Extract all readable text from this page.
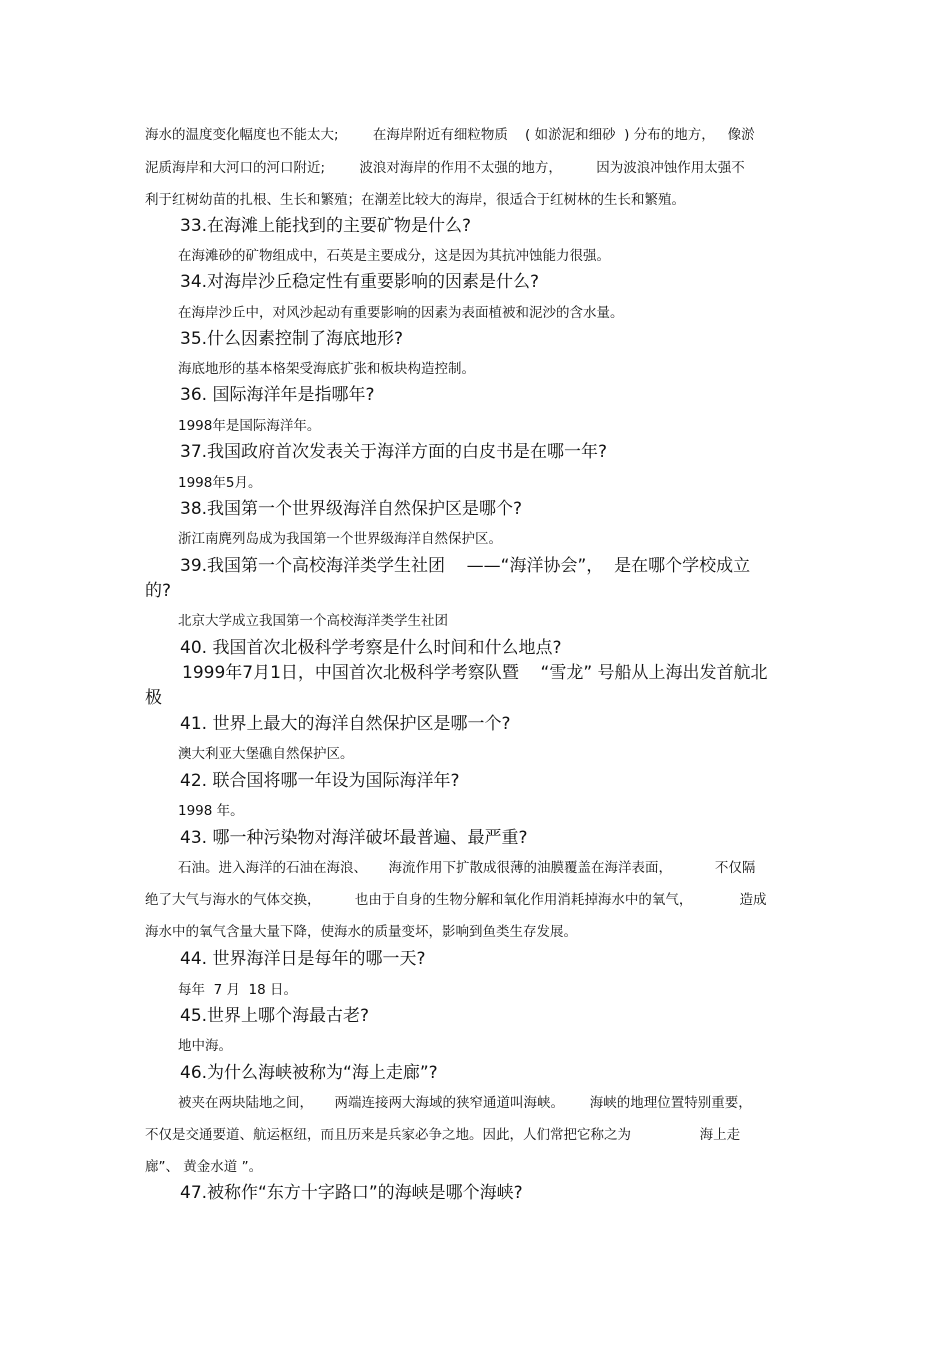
海水的温度变化幅度也不能太大;        在海岸附近有细粒物质    ( 如淤泥和细砂  ) 分布的地方，   像淤
泥质海岸和大河口的河口附近;        波浪对海岸的作用不太强的地方，        因为波浪冲蚀作用太强不
利于红树幼苗的扎根、生长和繁殖；在潮差比较大的海岸，很适合于红树林的生长和繁殖。
33.在海滩上能找到的主要矿物是什么?
在海滩砂的矿物组成中，石英是主要成分，这是因为其抗冲蚀能力很强。
34.对海岸沙丘稳定性有重要影响的因素是什么?
在海岸沙丘中，对风沙起动有重要影响的因素为表面植被和泥沙的含水量。
35.什么因素控制了海底地形?
海底地形的基本格架受海底扩张和板块构造控制。
36. 国际海洋年是指哪年?
1998年是国际海洋年。
37.我国政府首次发表关于海洋方面的白皮书是在哪一年?
1998年5月。
38.我国第一个世界级海洋自然保护区是哪个?
浙江南麂列岛成为我国第一个世界级海洋自然保护区。
39.我国第一个高校海洋类学生社团    ——“海洋协会”，  是在哪个学校成立
的?
北京大学成立我国第一个高校海洋类学生社团
40. 我国首次北极科学考察是什么时间和什么地点?
1999年7月1日，中国首次北极科学考察队暨    “雪龙” 号船从上海出发首航北
极
41. 世界上最大的海洋自然保护区是哪一个?
澳大利亚大堡礁自然保护区。
42. 联合国将哪一年设为国际海洋年?
1998 年。
43. 哪一种污染物对海洋破坏最普遍、最严重?
石油。进入海洋的石油在海浪、     海流作用下扩散成很薄的油膜覆盖在海洋表面，          不仅隔
绝了大气与海水的气体交换，        也由于自身的生物分解和氧化作用消耗掉海水中的氧气，           造成
海水中的氧气含量大量下降，使海水的质量变坏，影响到鱼类生存发展。
44. 世界海洋日是每年的哪一天?
每年  7 月  18 日。
45.世界上哪个海最古老?
地中海。
46.为什么海峡被称为“海上走廊”?
被夹在两块陆地之间，     两端连接两大海域的狭窄通道叫海峡。      海峡的地理位置特别重要，
不仅是交通要道、航运枢纽，而且历来是兵家必争之地。因此，人们常把它称之为                海上走
廊”、 黄金水道 ”。
47.被称作“东方十字路口”的海峡是哪个海峡?
